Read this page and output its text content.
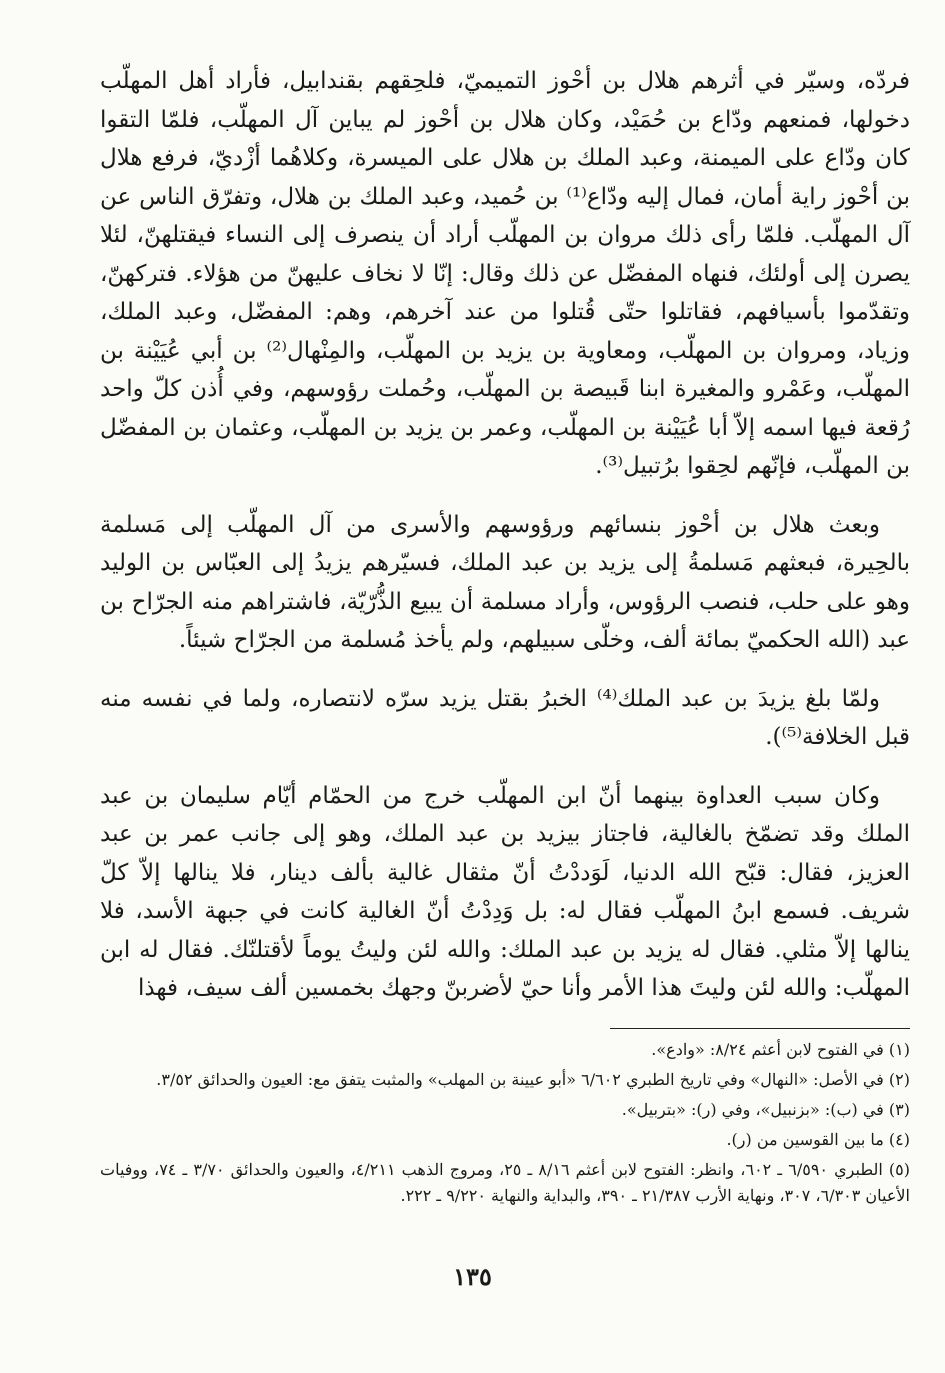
فردّه، وسيّر في أثرهم هلال بن أحْوز التميميّ، فلحِقهم بقندابيل، فأراد أهل المهلّب دخولها، فمنعهم ودّاع بن حُمَيْد، وكان هلال بن أحْوز لم يباين آل المهلّب، فلمّا التقوا كان ودّاع على الميمنة، وعبد الملك بن هلال على الميسرة، وكلاهُما أزْديّ، فرفع هلال بن أحْوز راية أمان، فمال إليه ودّاع⁽¹⁾ بن حُميد، وعبد الملك بن هلال، وتفرّق الناس عن آل المهلّب. فلمّا رأى ذلك مروان بن المهلّب أراد أن ينصرف إلى النساء فيقتلهنّ، لئلا يصرن إلى أولئك، فنهاه المفضّل عن ذلك وقال: إنّا لا نخاف عليهنّ من هؤلاء. فتركهنّ، وتقدّموا بأسيافهم، فقاتلوا حتّى قُتلوا من عند آخرهم، وهم: المفضّل، وعبد الملك، وزياد، ومروان بن المهلّب، ومعاوية بن يزيد بن المهلّب، والمِنْهال⁽²⁾ بن أبي عُيَيْنة بن المهلّب، وعَمْرو والمغيرة ابنا قَبيصة بن المهلّب، وحُملت رؤوسهم، وفي أُذن كلّ واحد رُقعة فيها اسمه إلاّ أبا عُيَيْنة بن المهلّب، وعمر بن يزيد بن المهلّب، وعثمان بن المفضّل بن المهلّب، فإنّهم لحِقوا برُتبيل⁽³⁾.

وبعث هلال بن أحْوز بنسائهم ورؤوسهم والأسرى من آل المهلّب إلى مَسلمة بالحِيرة، فبعثهم مَسلمةُ إلى يزيد بن عبد الملك، فسيّرهم يزيدُ إلى العبّاس بن الوليد وهو على حلب، فنصب الرؤوس، وأراد مسلمة أن يبيع الذُّرّيّة، فاشتراهم منه الجرّاح بن عبد (الله الحكميّ بمائة ألف، وخلّى سبيلهم، ولم يأخذ مُسلمة من الجرّاح شيئاً.

ولمّا بلغ يزيدَ بن عبد الملك⁽⁴⁾ الخبرُ بقتل يزيد سرّه لانتصاره، ولما في نفسه منه قبل الخلافة⁽⁵⁾).

وكان سبب العداوة بينهما أنّ ابن المهلّب خرج من الحمّام أيّام سليمان بن عبد الملك وقد تضمّخ بالغالية، فاجتاز بيزيد بن عبد الملك، وهو إلى جانب عمر بن عبد العزيز، فقال: قبّح الله الدنيا، لَوَددْتُ أنّ مثقال غالية بألف دينار، فلا ينالها إلاّ كلّ شريف. فسمع ابنُ المهلّب فقال له: بل وَدِدْتُ أنّ الغالية كانت في جبهة الأسد، فلا ينالها إلاّ مثلي. فقال له يزيد بن عبد الملك: والله لئن وليتُ يوماً لأقتلنّك. فقال له ابن المهلّب: والله لئن وليتَ هذا الأمر وأنا حيّ لأضربنّ وجهك بخمسين ألف سيف، فهذا

(١) في الفتوح لابن أعثم ٨/٢٤: «وادع».

(٢) في الأصل: «النهال» وفي تاريخ الطبري ٦/٦٠٢ «أبو عيينة بن المهلب» والمثبت يتفق مع: العيون والحدائق ٣/٥٢.

(٣) في (ب): «بزنبيل»، وفي (ر): «بتربيل».

(٤) ما بين القوسين من (ر).

(٥) الطبري ٦/٥٩٠ ـ ٦٠٢، وانظر: الفتوح لابن أعثم ٨/١٦ ـ ٢٥، ومروج الذهب ٤/٢١١، والعيون والحدائق ٣/٧٠ ـ ٧٤، ووفيات الأعيان ٦/٣٠٣، ٣٠٧، ونهاية الأرب ٢١/٣٨٧ ـ ٣٩٠، والبداية والنهاية ٩/٢٢٠ ـ ٢٢٢.

١٣٥
